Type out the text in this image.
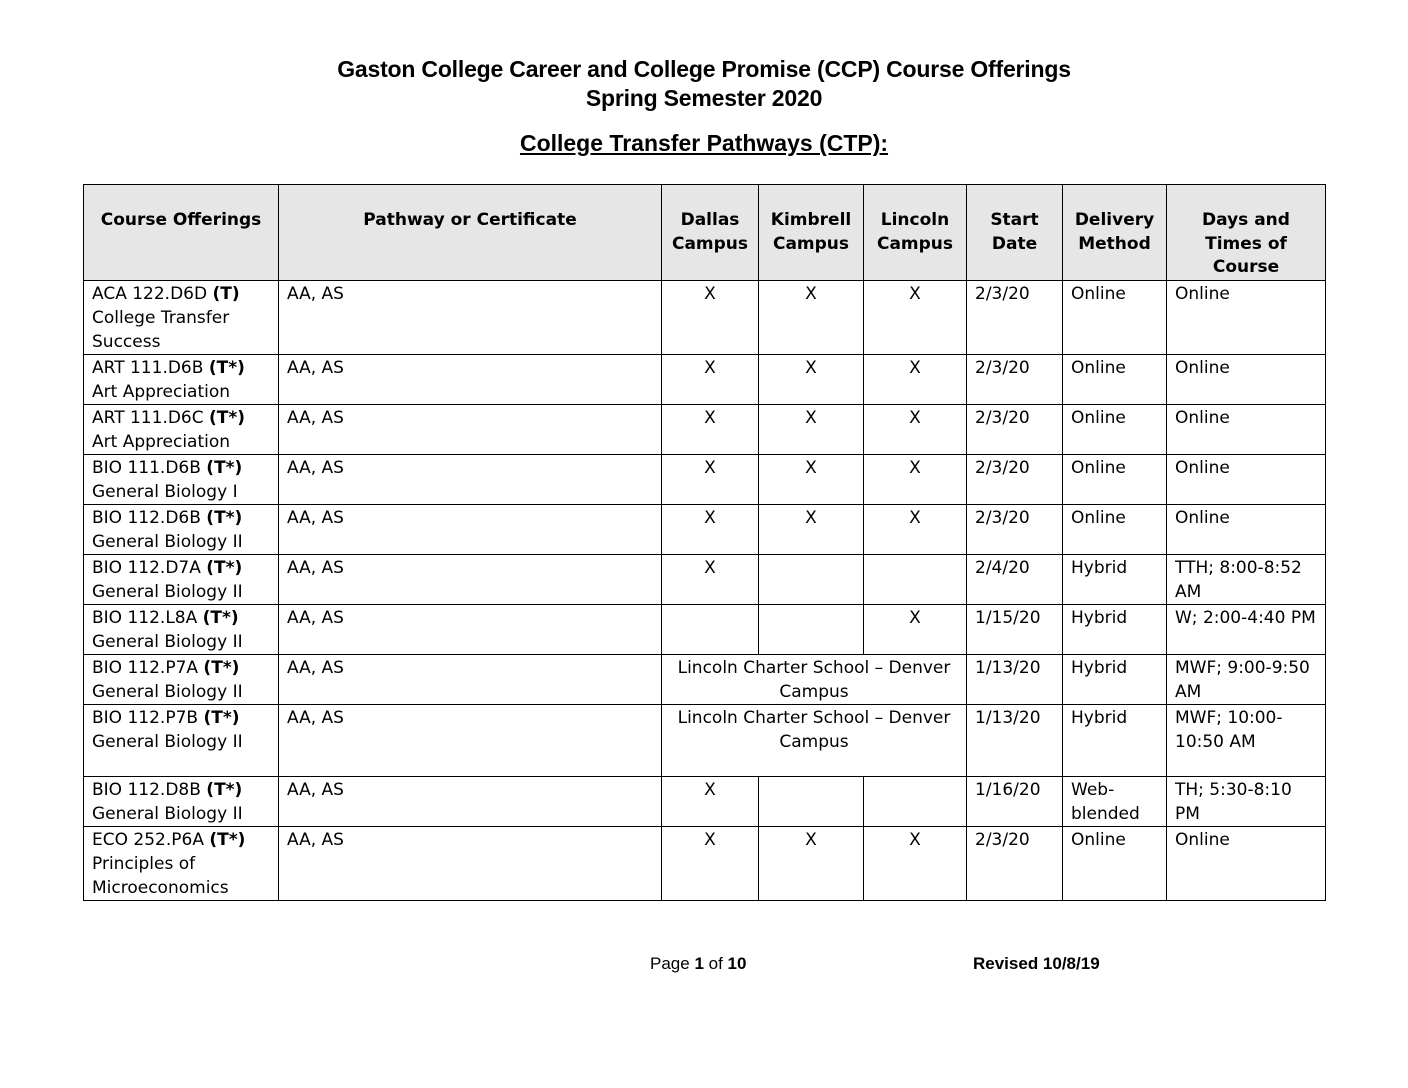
Gaston College Career and College Promise (CCP) Course Offerings
Spring Semester 2020
College Transfer Pathways (CTP):
Course Offerings	Pathway or Certificate	Dallas Campus	Kimbrell Campus	Lincoln Campus	Start Date	Delivery Method	Days and Times of Course
ACA 122.D6D (T)
College Transfer Success	AA, AS	X	X	X	2/3/20	Online	Online
ART 111.D6B (T*)
Art Appreciation	AA, AS	X	X	X	2/3/20	Online	Online
ART 111.D6C (T*)
Art Appreciation	AA, AS	X	X	X	2/3/20	Online	Online
BIO 111.D6B (T*)
General Biology I	AA, AS	X	X	X	2/3/20	Online	Online
BIO 112.D6B (T*)
General Biology II	AA, AS	X	X	X	2/3/20	Online	Online
BIO 112.D7A (T*)
General Biology II	AA, AS	X			2/4/20	Hybrid	TTH; 8:00-8:52 AM
BIO 112.L8A (T*)
General Biology II	AA, AS			X	1/15/20	Hybrid	W; 2:00-4:40 PM
BIO 112.P7A (T*)
General Biology II	AA, AS	Lincoln Charter School – Denver Campus			1/13/20	Hybrid	MWF; 9:00-9:50 AM
BIO 112.P7B (T*)
General Biology II	AA, AS	Lincoln Charter School – Denver Campus			1/13/20	Hybrid	MWF; 10:00-10:50 AM
BIO 112.D8B (T*)
General Biology II	AA, AS	X			1/16/20	Web-blended	TH; 5:30-8:10 PM
ECO 252.P6A (T*)
Principles of Microeconomics	AA, AS	X	X	X	2/3/20	Online	Online
Page 1 of 10	Revised 10/8/19
